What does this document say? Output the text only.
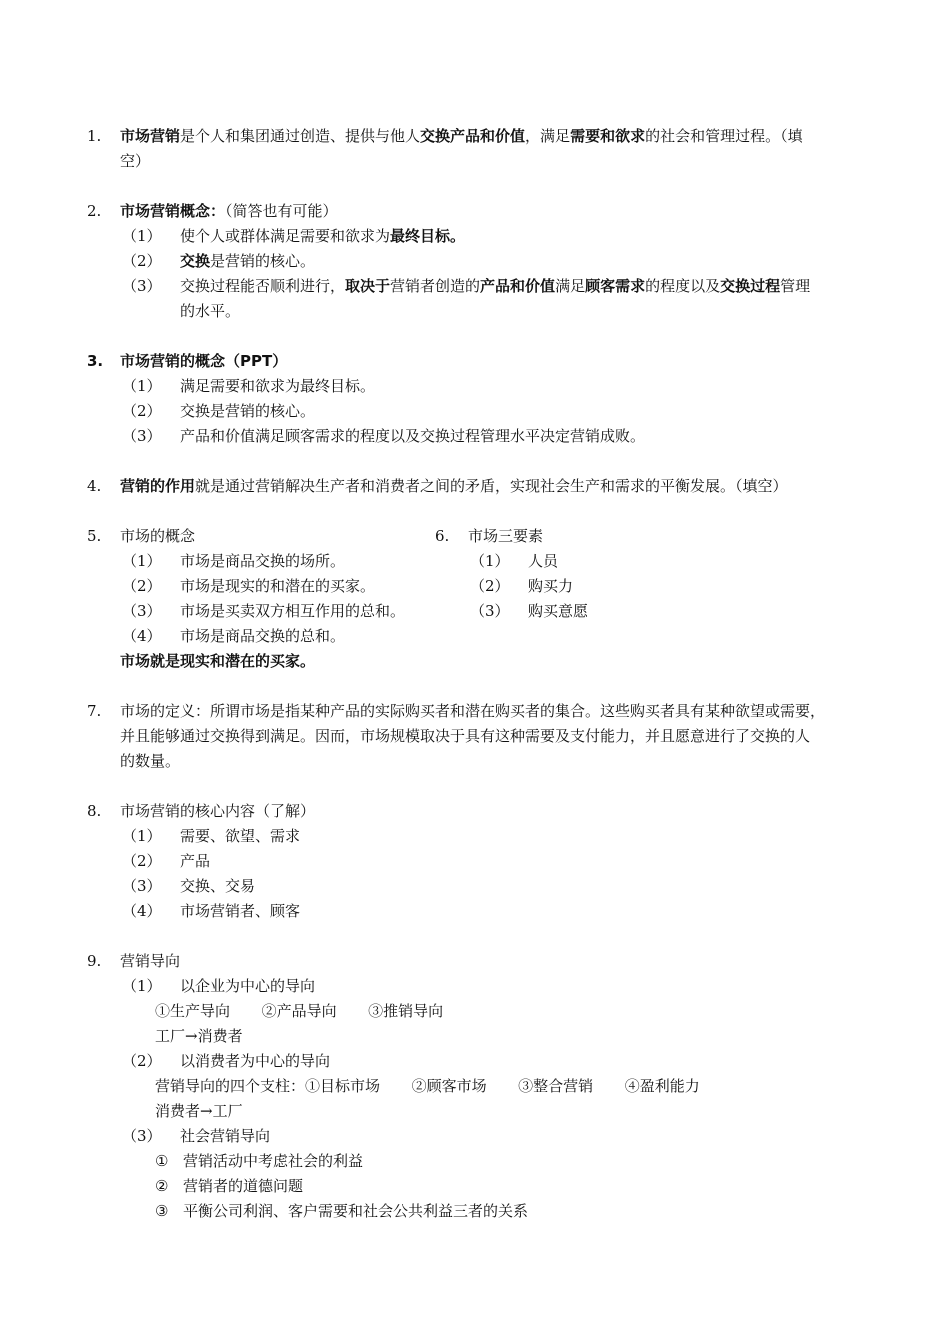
1.	市场营销是个人和集团通过创造、提供与他人交换产品和价值，满足需要和欲求的社会和管理过程。（填
空）
2.	市场营销概念：（简答也有可能）
（1）	使个人或群体满足需要和欲求为最终目标。
（2）	交换是营销的核心。
（3）	交换过程能否顺利进行，取决于营销者创造的产品和价值满足顾客需求的程度以及交换过程管理
的水平。
3.	市场营销的概念（PPT）
（1）	满足需要和欲求为最终目标。
（2）	交换是营销的核心。
（3）	产品和价值满足顾客需求的程度以及交换过程管理水平决定营销成败。
4.	营销的作用就是通过营销解决生产者和消费者之间的矛盾，实现社会生产和需求的平衡发展。（填空）
5.	市场的概念
（1）	市场是商品交换的场所。
（2）	市场是现实的和潜在的买家。
（3）	市场是买卖双方相互作用的总和。
（4）	市场是商品交换的总和。
市场就是现实和潜在的买家。
6.	市场三要素
（1）	人员
（2）	购买力
（3）	购买意愿
7.	市场的定义：所谓市场是指某种产品的实际购买者和潜在购买者的集合。这些购买者具有某种欲望或需要，
并且能够通过交换得到满足。因而，市场规模取决于具有这种需要及支付能力，并且愿意进行了交换的人
的数量。
8.	市场营销的核心内容（了解）
（1）	需要、欲望、需求
（2）	产品
（3）	交换、交易
（4）	市场营销者、顾客
9.	营销导向
（1）	以企业为中心的导向
①生产导向 ②产品导向 ③推销导向
工厂→消费者
（2）	以消费者为中心的导向
营销导向的四个支柱：①目标市场 ②顾客市场 ③整合营销 ④盈利能力
消费者→工厂
（3）	社会营销导向
① 营销活动中考虑社会的利益
② 营销者的道德问题
③ 平衡公司利润、客户需要和社会公共利益三者的关系
